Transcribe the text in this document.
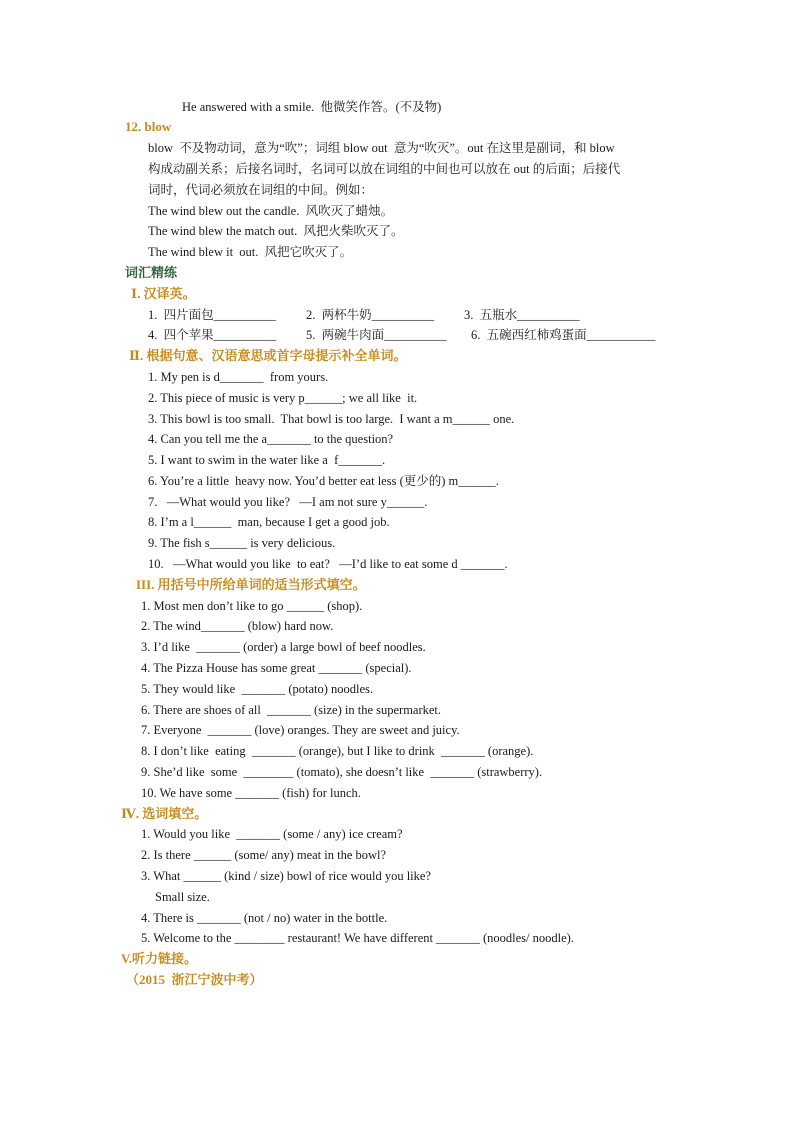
He answered with a smile.  他微笑作答。(不及物)
12. blow
blow  不及物动词，意为“吹”；词组 blow out  意为“吹灭”。out 在这里是副词，和 blow
构成动副关系；后接名词时，名词可以放在词组的中间也可以放在 out 的后面；后接代
词时，代词必须放在词组的中间。例如：
The wind blew out the candle.  风吹灭了蜡烛。
The wind blew the match out.  风把火柴吹灭了。
The wind blew it  out.  风把它吹灭了。
词汇精练
Ⅰ. 汉译英。
1.  四片面包__________ 2.  两杯牛奶__________ 3.  五瓶水__________
4.  四个苹果__________ 5.  两碗牛肉面__________ 6.  五碗西红柿鸡蛋面___________
Ⅱ. 根据句意、汉语意思或首字母提示补全单词。
1. My pen is d_______  from yours.
2. This piece of music is very p______; we all like  it.
3. This bowl is too small.  That bowl is too large.  I want a m______ one.
4. Can you tell me the a_______ to the question?
5. I want to swim in the water like a  f_______.
6. You’re a little  heavy now. You’d better eat less (更少的) m______.
7.   —What would you like?   —I am not sure y______.
8. I’m a l______  man, because I get a good job.
9. The fish s______ is very delicious.
10.   —What would you like  to eat?   —I’d like to eat some d _______.
III. 用括号中所给单词的适当形式填空。
1. Most men don’t like to go ______ (shop).
2. The wind_______ (blow) hard now.
3. I’d like  _______ (order) a large bowl of beef noodles.
4. The Pizza House has some great _______ (special).
5. They would like  _______ (potato) noodles.
6. There are shoes of all  _______ (size) in the supermarket.
7. Everyone  _______ (love) oranges. They are sweet and juicy.
8. I don’t like  eating  _______ (orange), but I like to drink  _______ (orange).
9. She’d like  some  ________ (tomato), she doesn’t like  _______ (strawberry).
10. We have some _______ (fish) for lunch.
Ⅳ. 选词填空。
1. Would you like  _______ (some / any) ice cream?
2. Is there ______ (some/ any) meat in the bowl?
3. What ______ (kind / size) bowl of rice would you like?
Small size.
4. There is _______ (not / no) water in the bottle.
5. Welcome to the ________ restaurant! We have different _______ (noodles/ noodle).
V.听力链接。
（2015  浙江宁波中考）
